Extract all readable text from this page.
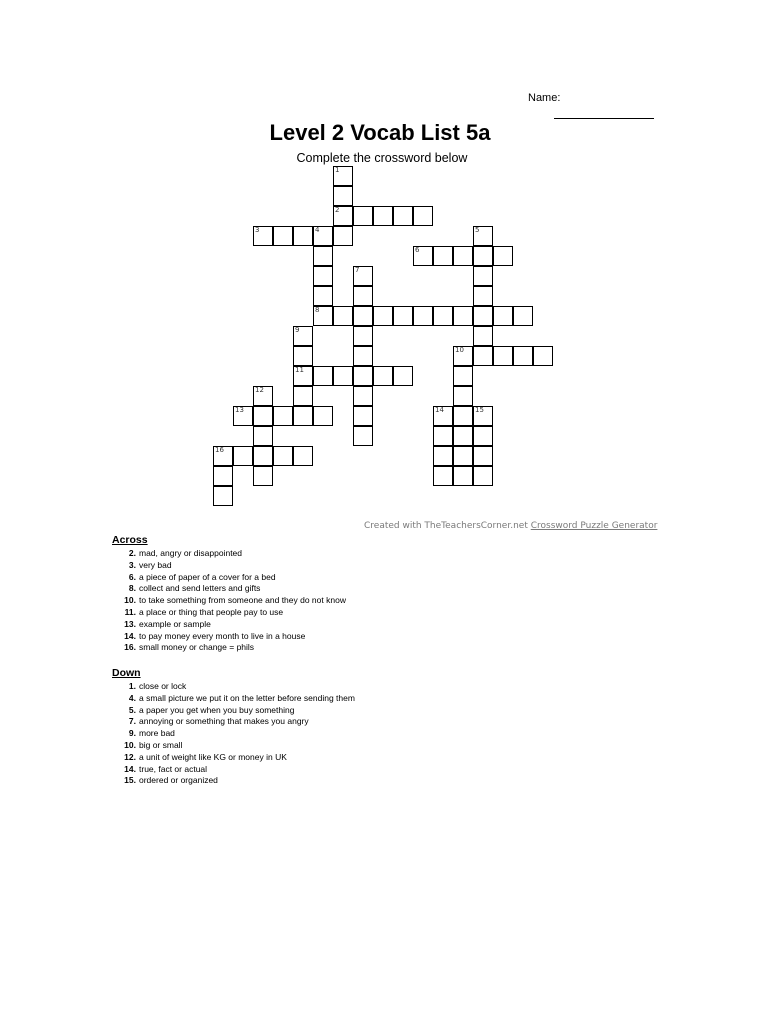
Name:
Level 2 Vocab List 5a
Complete the crossword below
1
2
3	4	5
6
7
8
9
10
11
12
13	14	15
16
Created with TheTeachersCorner.net Crossword Puzzle Generator
Across
2. mad, angry or disappointed
3. very bad
6. a piece of paper of a cover for a bed
8. collect and send letters and gifts
10. to take something from someone and they do not know
11. a place or thing that people pay to use
13. example or sample
14. to pay money every month to live in a house
16. small money or change = phils
Down
1. close or lock
4. a small picture we put it on the letter before sending them
5. a paper you get when you buy something
7. annoying or something that makes you angry
9. more bad
10. big or small
12. a unit of weight like KG or money in UK
14. true, fact or actual
15. ordered or organized
